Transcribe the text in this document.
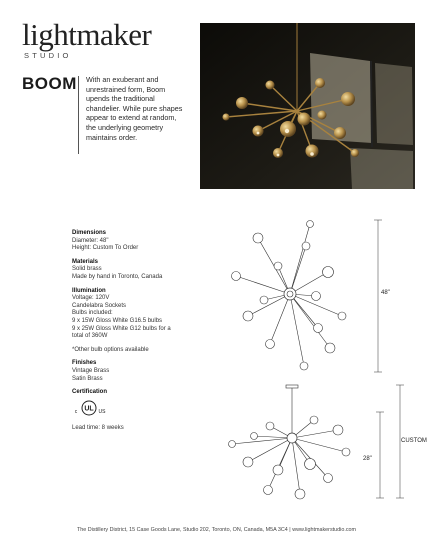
lightmaker
STUDIO
BOOM With an exuberant and unrestrained form, Boom upends the traditional chandelier. While pure shapes appear to extend at random, the underlying geometry maintains order.
Dimensions
Diameter: 48"
Height: Custom To Order
Materials
Solid brass
Made by hand in Toronto, Canada
Illumination
Voltage: 120V
Candelabra Sockets
Bulbs included:
9 x 15W Gloss White G16.5 bulbs
9 x 25W Gloss White G12 bulbs for a
total of 360W
*Other bulb options available
Finishes
Vintage Brass
Satin Brass
Certification
UL
c	US
Lead time: 8 weeks
48"
CUSTOM
28"
The Distillery District, 15 Case Goods Lane, Studio 202, Toronto, ON, Canada, M5A 3C4 | www.lightmakerstudio.com
